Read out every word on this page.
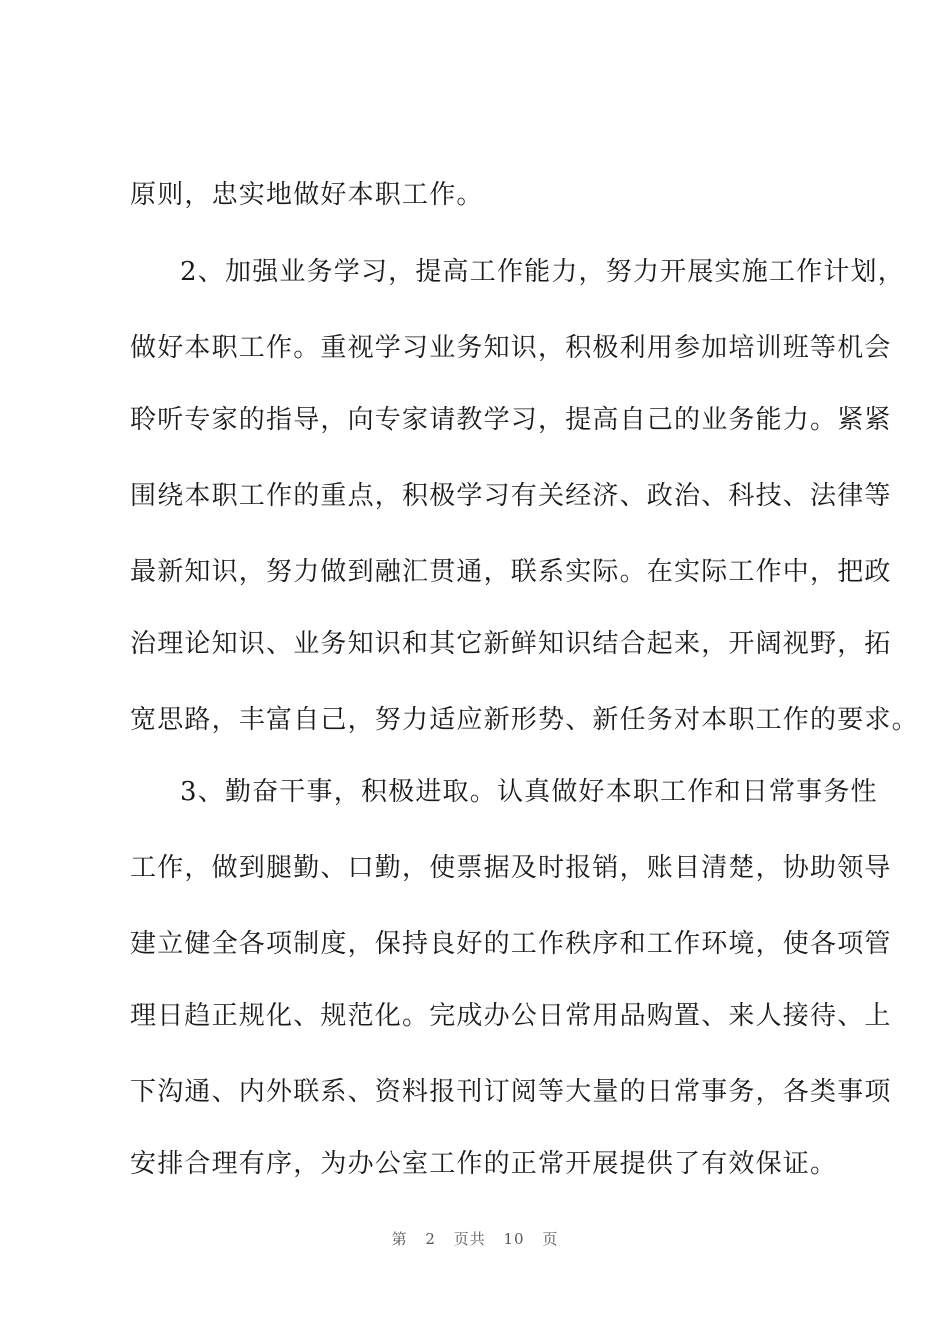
原则，忠实地做好本职工作。
2、加强业务学习，提高工作能力，努力开展实施工作计划，
做好本职工作。重视学习业务知识，积极利用参加培训班等机会
聆听专家的指导，向专家请教学习，提高自己的业务能力。紧紧
围绕本职工作的重点，积极学习有关经济、政治、科技、法律等
最新知识，努力做到融汇贯通，联系实际。在实际工作中，把政
治理论知识、业务知识和其它新鲜知识结合起来，开阔视野，拓
宽思路，丰富自己，努力适应新形势、新任务对本职工作的要求。
3、勤奋干事，积极进取。认真做好本职工作和日常事务性
工作，做到腿勤、口勤，使票据及时报销，账目清楚，协助领导
建立健全各项制度，保持良好的工作秩序和工作环境，使各项管
理日趋正规化、规范化。完成办公日常用品购置、来人接待、上
下沟通、内外联系、资料报刊订阅等大量的日常事务，各类事项
安排合理有序，为办公室工作的正常开展提供了有效保证。
第 2 页共 10 页
